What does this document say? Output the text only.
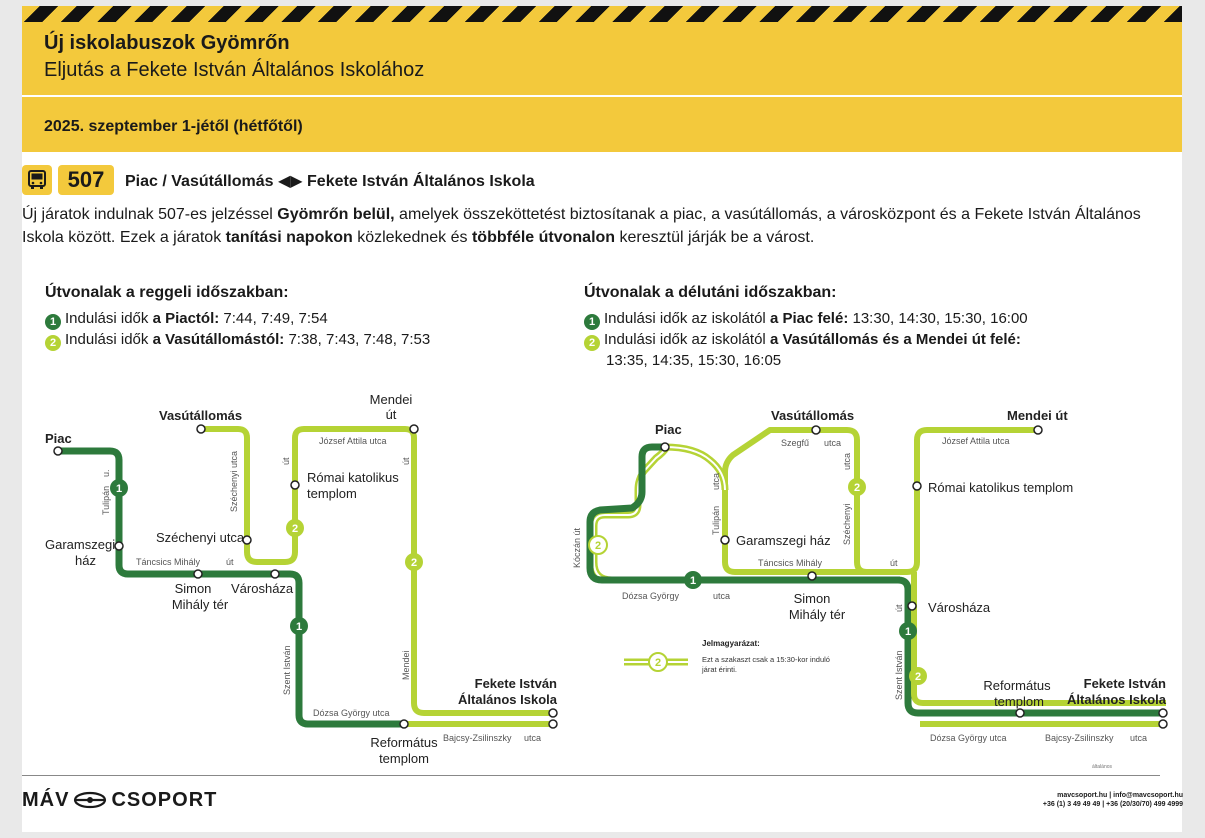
Új iskolabuszok Gyömrőn
Eljutás a Fekete István Általános Iskolához
2025. szeptember 1-jétől (hétfőtől)
507	Piac / Vasútállomás ◀▶ Fekete István Általános Iskola
Új járatok indulnak 507-es jelzéssel Gyömrőn belül, amelyek összeköttetést biztosítanak a piac, a vasútállomás, a városközpont és a Fekete István Általános Iskola között. Ezek a járatok tanítási napokon közlekednek és többféle útvonalon keresztül járják be a várost.
Útvonalak a reggeli időszakban:
1 Indulási idők a Piactól: 7:44, 7:49, 7:54
2 Indulási idők a Vasútállomástól: 7:38, 7:43, 7:48, 7:53
Útvonalak a délutáni időszakban:
1 Indulási idők az iskolától a Piac felé: 13:30, 14:30, 15:30, 16:00
2 Indulási idők az iskolától a Vasútállomás és a Mendei út felé:
13:35, 14:35, 15:30, 16:05
1
1
2
2
Piac
Vasútállomás
Mendei
út
Római katolikus
templom
Garamszegi
ház
Széchenyi utca
Simon
Mihály tér
Városháza
Református
templom
Fekete István
Általános Iskola
Tulipán
u.	Széchenyi
utca
József Attila utca
út	út
Táncsics Mihály	út
Szent István
Dózsa György utca
Mendei
Bajcsy-Zsilinszky utca
2
1
2
1
2
Piac
Vasútállomás	Mendei út
Római katolikus templom
Garamszegi ház
Simon
Mihály tér	Városháza
Református
templom
Fekete István
Általános Iskola
Kóczán út
utca
Tulipán
Szegfű utca
utca
Széchenyi
József Attila utca
Táncsics Mihály	út
Dózsa György	utca
út
Szent István
Dózsa György utca	Bajcsy-Zsilinszky utca
2
Jelmagyarázat:
Ezt a szakaszt csak a 15:30-kor induló
járat érinti.
általános
MÁV CSOPORT	mavcsoport.hu | info@mavcsoport.hu
+36 (1) 3 49 49 49 | +36 (20/30/70) 499 4999
